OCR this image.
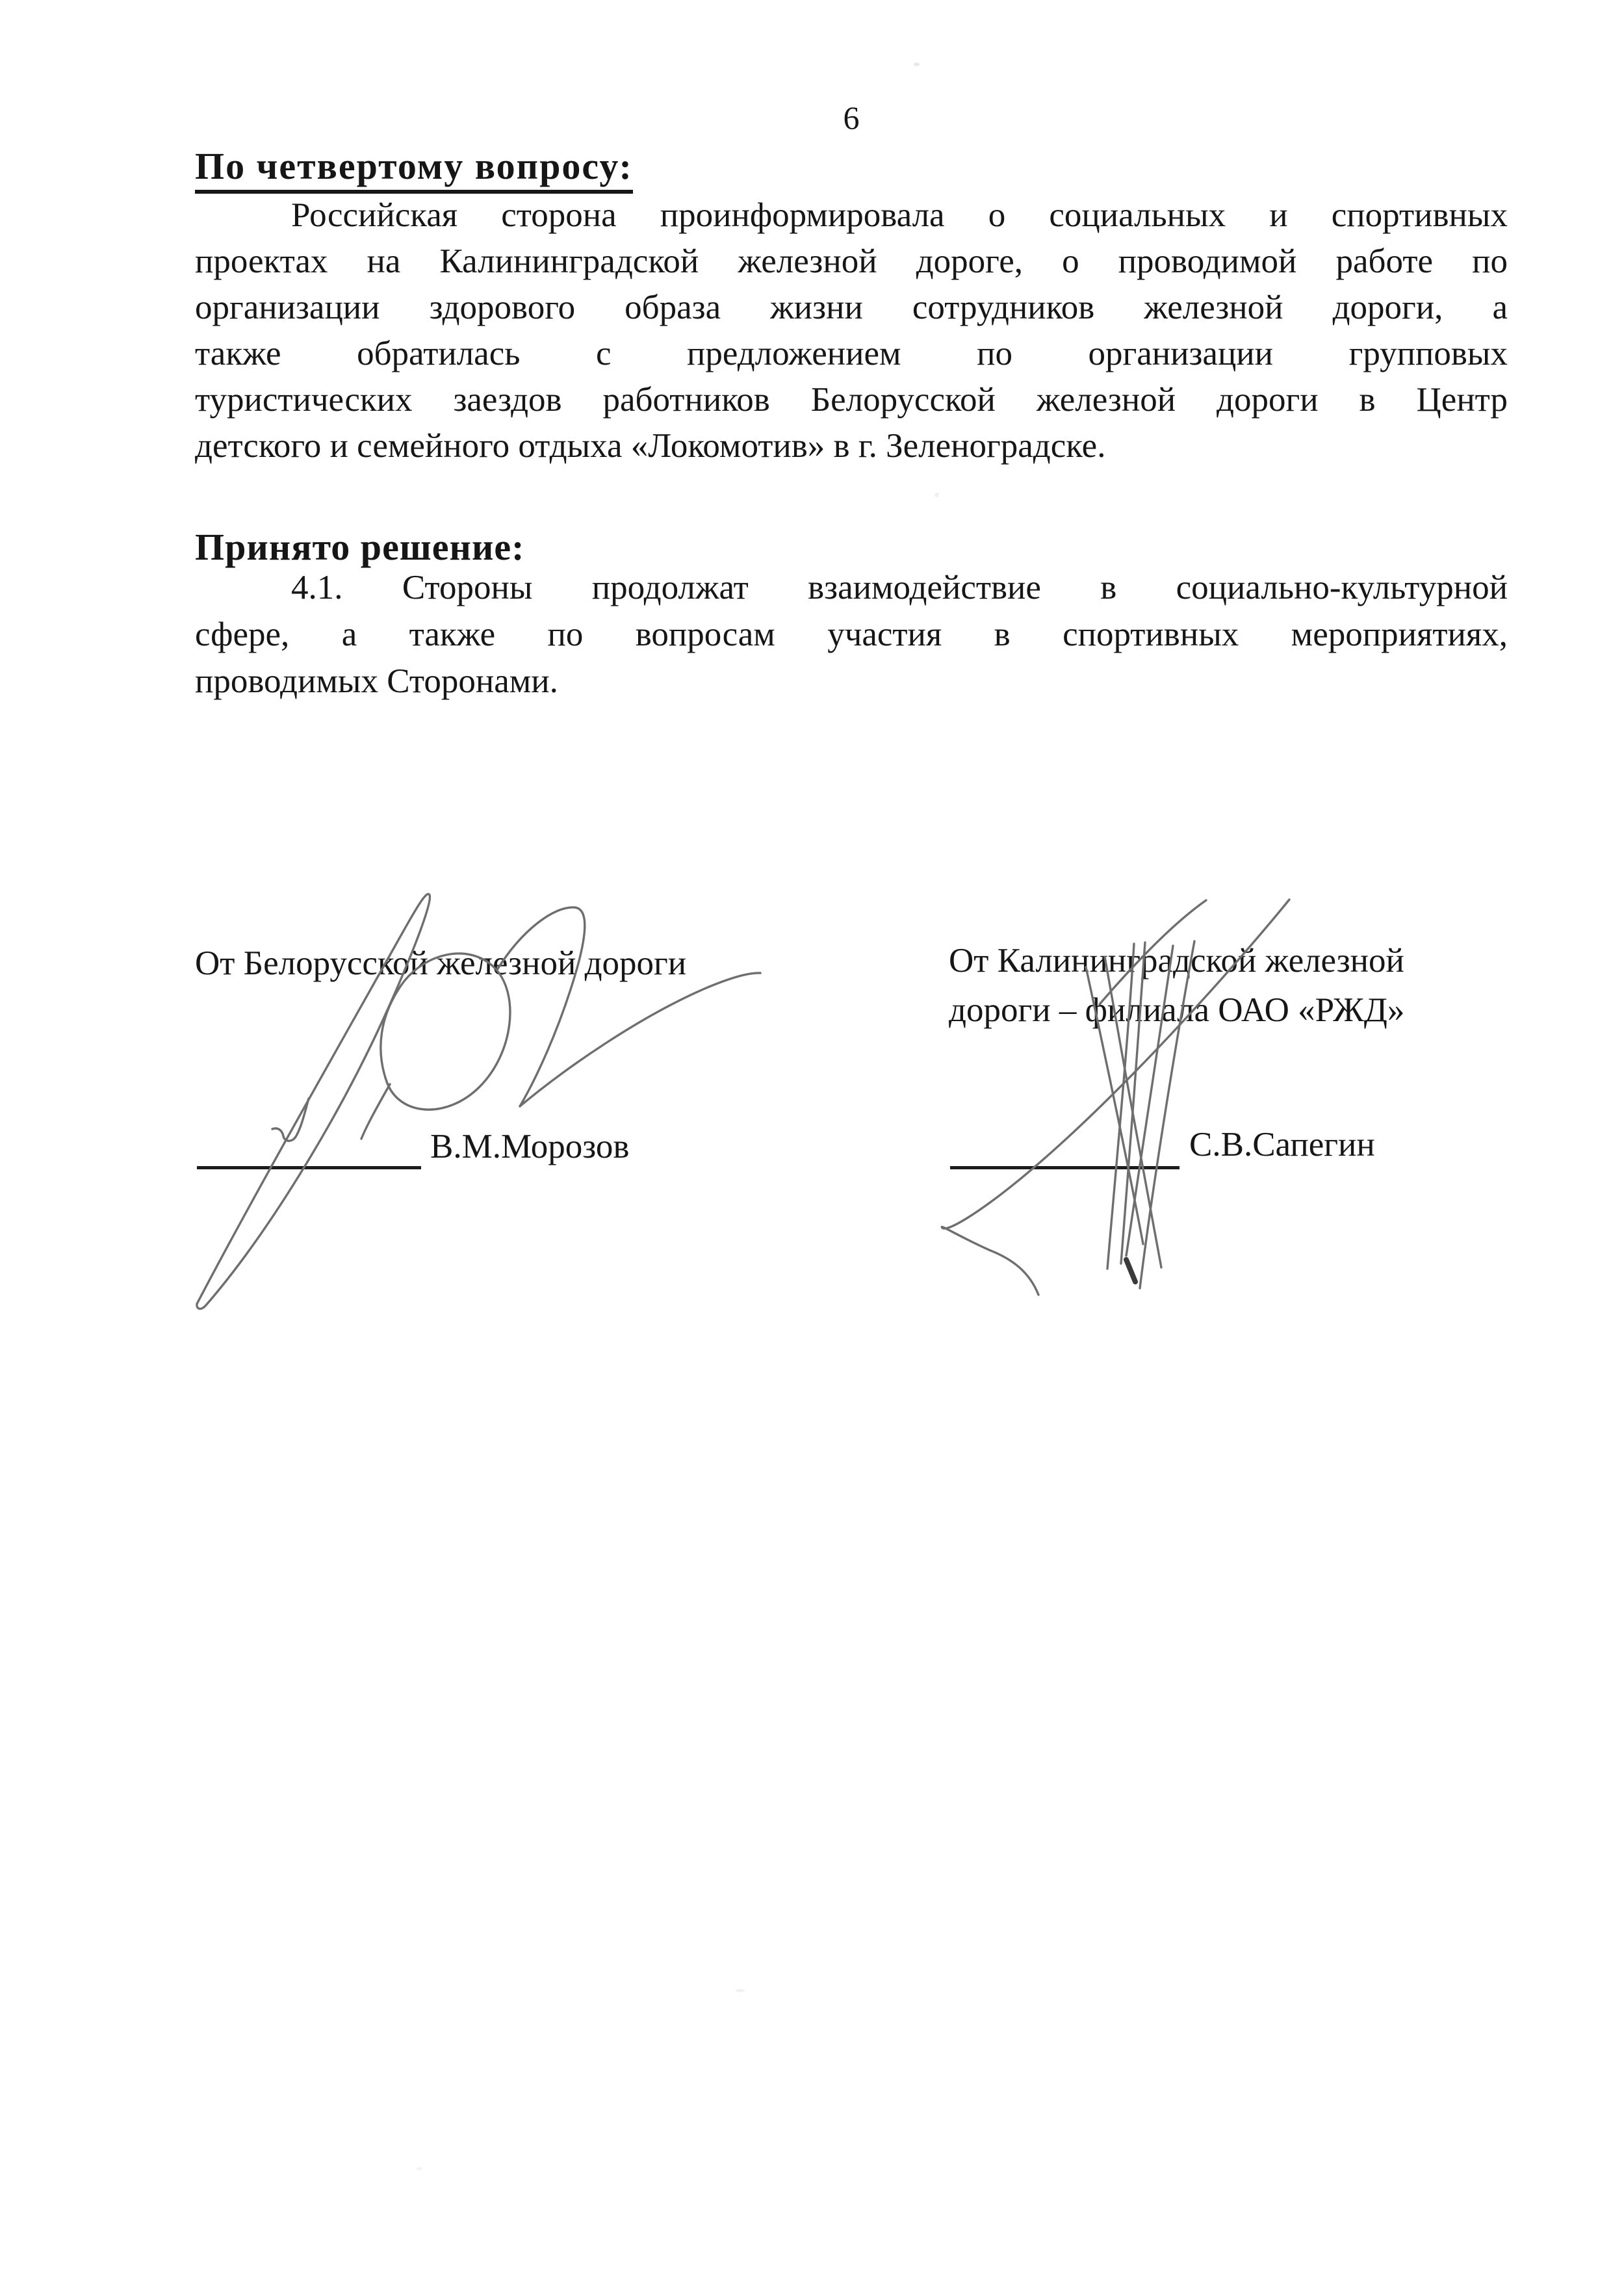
6
По четвертому вопросу:
Российская сторона проинформировала о социальных и спортивных
проектах на Калининградской железной дороге, о проводимой работе по
организации здорового образа жизни сотрудников железной дороги, а
также обратилась с предложением по организации групповых
туристических заездов работников Белорусской железной дороги в Центр
детского и семейного отдыха «Локомотив» в г. Зеленоградске.
Принято решение:
4.1. Стороны продолжат взаимодействие в социально-культурной
сфере, а также по вопросам участия в спортивных мероприятиях,
проводимых Сторонами.
От Белорусской железной дороги
В.М.Морозов
От Калининградской железной
дороги – филиала ОАО «РЖД»
С.В.Сапегин
